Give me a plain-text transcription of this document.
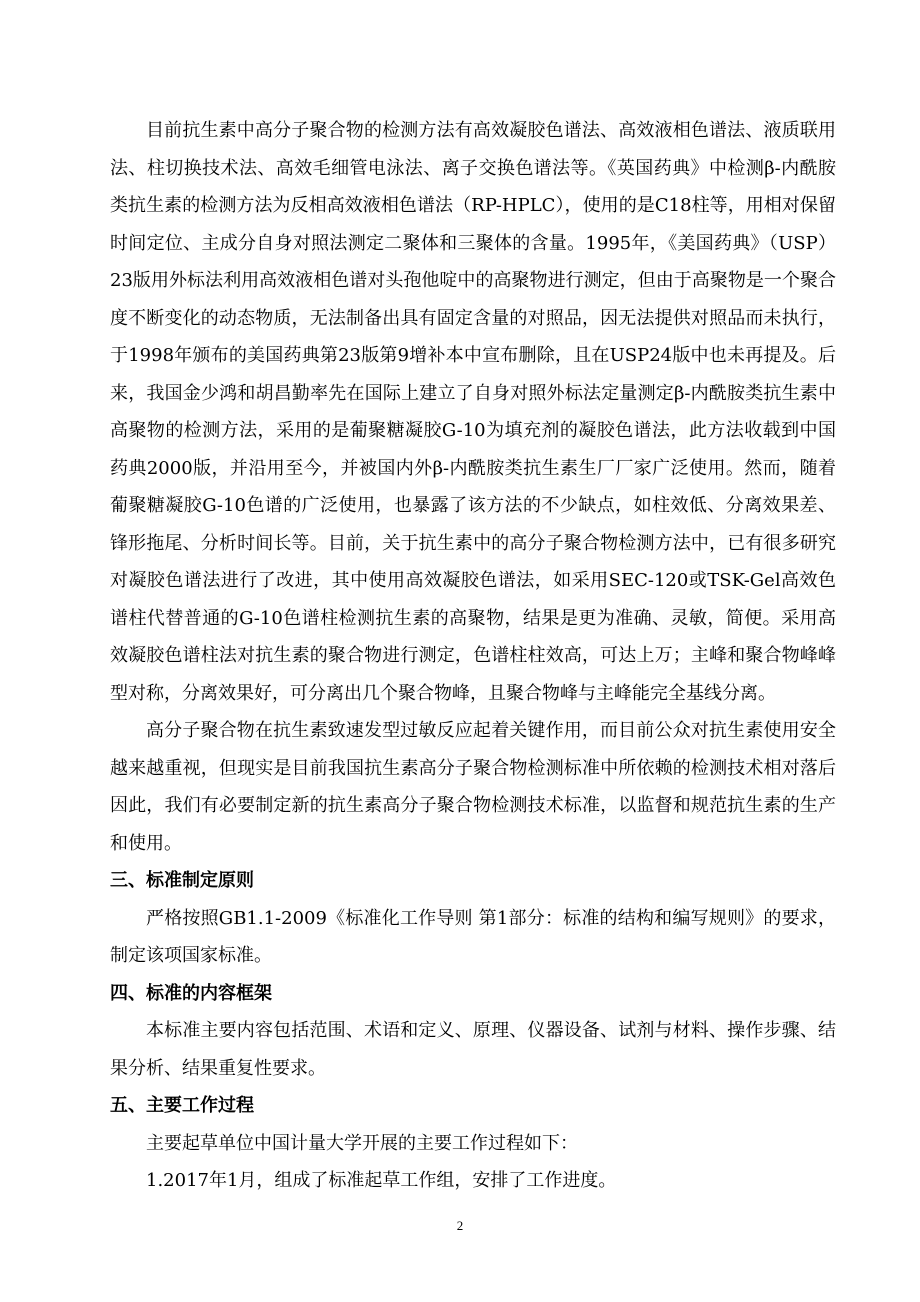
目前抗生素中高分子聚合物的检测方法有高效凝胶色谱法、高效液相色谱法、液质联用法、柱切换技术法、高效毛细管电泳法、离子交换色谱法等。《英国药典》中检测β-内酰胺类抗生素的检测方法为反相高效液相色谱法（RP-HPLC），使用的是C18柱等，用相对保留时间定位、主成分自身对照法测定二聚体和三聚体的含量。1995年，《美国药典》（USP）23版用外标法利用高效液相色谱对头孢他啶中的高聚物进行测定，但由于高聚物是一个聚合度不断变化的动态物质，无法制备出具有固定含量的对照品，因无法提供对照品而未执行，于1998年颁布的美国药典第23版第9增补本中宣布删除，且在USP24版中也未再提及。后来，我国金少鸿和胡昌勤率先在国际上建立了自身对照外标法定量测定β-内酰胺类抗生素中高聚物的检测方法，采用的是葡聚糖凝胶G-10为填充剂的凝胶色谱法，此方法收载到中国药典2000版，并沿用至今，并被国内外β-内酰胺类抗生素生厂厂家广泛使用。然而，随着葡聚糖凝胶G-10色谱的广泛使用，也暴露了该方法的不少缺点，如柱效低、分离效果差、锋形拖尾、分析时间长等。目前，关于抗生素中的高分子聚合物检测方法中，已有很多研究对凝胶色谱法进行了改进，其中使用高效凝胶色谱法，如采用SEC-120或TSK-Gel高效色谱柱代替普通的G-10色谱柱检测抗生素的高聚物，结果是更为准确、灵敏，简便。采用高效凝胶色谱柱法对抗生素的聚合物进行测定，色谱柱柱效高，可达上万；主峰和聚合物峰峰型对称，分离效果好，可分离出几个聚合物峰，且聚合物峰与主峰能完全基线分离。

高分子聚合物在抗生素致速发型过敏反应起着关键作用，而目前公众对抗生素使用安全越来越重视，但现实是目前我国抗生素高分子聚合物检测标准中所依赖的检测技术相对落后 因此，我们有必要制定新的抗生素高分子聚合物检测技术标准，以监督和规范抗生素的生产和使用。

三、标准制定原则

严格按照GB1.1-2009《标准化工作导则 第1部分：标准的结构和编写规则》的要求，制定该项国家标准。

四、标准的内容框架

本标准主要内容包括范围、术语和定义、原理、仪器设备、试剂与材料、操作步骤、结果分析、结果重复性要求。

五、主要工作过程

主要起草单位中国计量大学开展的主要工作过程如下：

1.2017年1月，组成了标准起草工作组，安排了工作进度。

2
